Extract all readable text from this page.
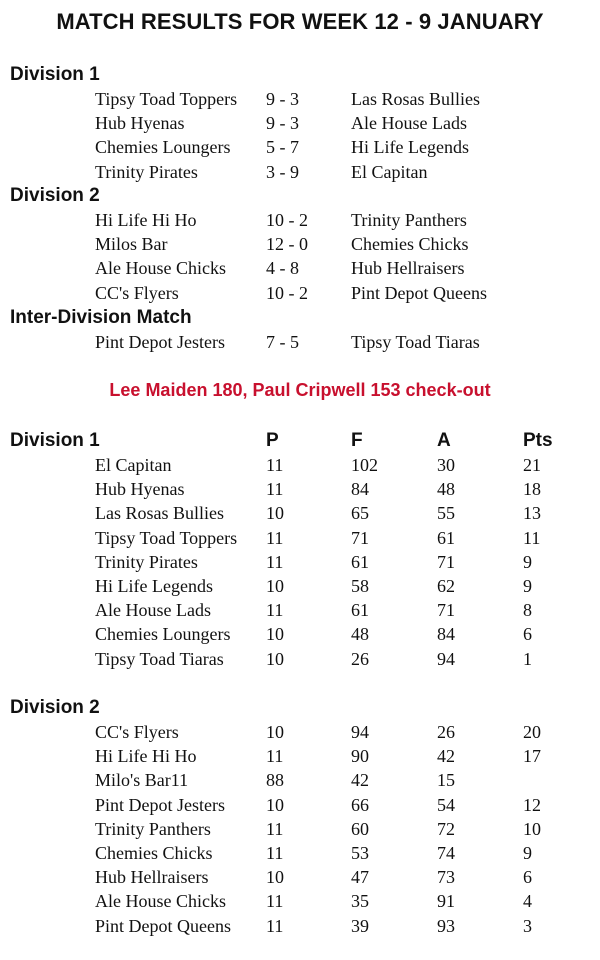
MATCH RESULTS FOR WEEK 12 - 9 JANUARY
Division 1
Tipsy Toad Toppers 9 - 3	Las Rosas Bullies
Hub Hyenas	9 - 3	Ale House Lads
Chemies Loungers 5 - 7	Hi Life Legends
Trinity Pirates	3 - 9	El Capitan
Division 2
Hi Life Hi Ho	10 - 2 Trinity Panthers
Milos Bar	12 - 0 Chemies Chicks
Ale House Chicks 4 - 8	Hub Hellraisers
CC's Flyers	10 - 2 Pint Depot Queens
Inter-Division Match
Pint Depot Jesters 7 - 5	Tipsy Toad Tiaras
Lee Maiden 180, Paul Cripwell 153 check-out
Division 1	P	F	A	Pts
El Capitan	11	102	30	21
Hub Hyenas	11	84	48	18
Las Rosas Bullies 10	65	55	13
Tipsy Toad Toppers 11	71	61	11
Trinity Pirates	11	61	71	9
Hi Life Legends	10	58	62	9
Ale House Lads	11	61	71	8
Chemies Loungers 10	48	84	6
Tipsy Toad Tiaras 10	26	94	1
Division 2
CC's Flyers	10	94	26	20
Hi Life Hi Ho	11	90	42	17
Milo's Bar11	88	42	15
Pint Depot Jesters 10	66	54	12
Trinity Panthers	11	60	72	10
Chemies Chicks	11	53	74	9
Hub Hellraisers	10	47	73	6
Ale House Chicks 11	35	91	4
Pint Depot Queens 11	39	93	3
